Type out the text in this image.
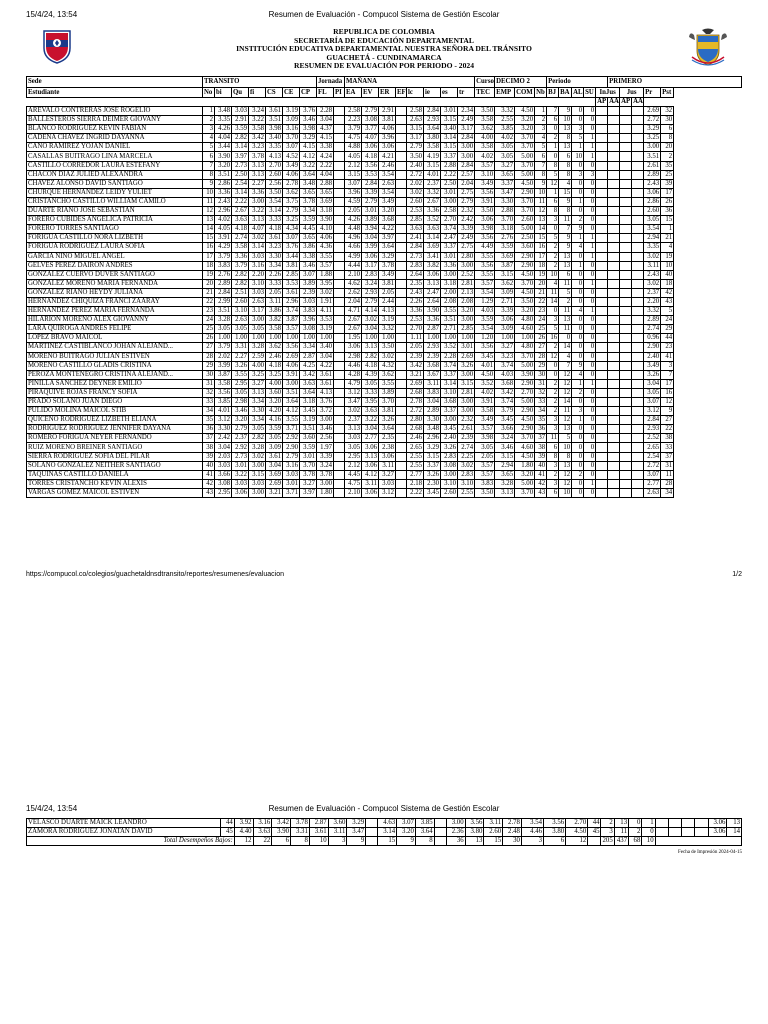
15/4/24, 13:54	Resumen de Evaluación - Compucol Sistema de Gestión Escolar
REPUBLICA DE COLOMBIA
SECRETARÍA DE EDUCACIÓN DEPARTAMENTAL
INSTITUCIÓN EDUCATIVA DEPARTAMENTAL NUESTRA SEÑORA DEL TRÁNSITO
GUACHETÁ - CUNDINAMARCA
RESUMEN DE EVALUACIÓN POR PERIODO - 2024
Sede	TRANSITO							Jornada		MAÑANA								Curso	DECIMO 2			Periodo					PRIMERO				
Estudiante	No	bi	Qu	fi	CS	CE	CP	FL	PI	EA	EV	ER	EF	lc	ie	es	tr	TEC	EMP	COM	Nb	BJ	BA	AL	SU	InJus		Jus		Pr	Pst
																										AP	AA	AP	AA		
AREVALO CONTRERAS JOSE ROGELIO	1	3.48	3.03	3.24	3.61	3.19	3.76	2.28		2.58	2.79	2.91		2.58	2.84	3.01	2.34	3.50	3.32	4.50	1	7	9	0	0					2.69	32
BALLESTEROS SIERRA DEIMER GIOVANY	2	3.35	2.91	3.22	3.51	3.09	3.46	3.04		2.23	3.08	3.81		2.63	2.93	3.15	2.49	3.58	2.55	3.20	2	6	10	0	0					2.72	30
BLANCO RODRIGUEZ KEVIN FABIAN	3	4.26	3.59	3.58	3.98	3.16	3.98	4.37		3.79	3.77	4.06		3.15	3.64	3.40	3.17	3.62	3.85	3.20	3	0	13	3	0					3.29	6
CADENA CHAVEZ INGRID DAYANNA	4	4.04	2.82	3.42	3.40	3.70	3.29	4.15		4.75	4.07	3.96		3.17	3.80	3.14	2.84	4.00	4.02	3.70	4	2	8	5	1					3.25	8
CANO RAMIREZ YOJAN DANIEL	5	3.44	3.14	3.23	3.35	3.07	4.15	3.38		4.88	3.06	3.06		2.79	3.58	3.15	3.00	3.58	3.05	3.70	5	1	13	1	1					3.00	20
CASALLAS BUITRAGO LINA MARCELA	6	3.90	3.97	3.78	4.13	4.52	4.12	4.24		4.05	4.18	4.21		3.50	4.19	3.37	3.00	4.02	3.05	5.00	6	0	6	10	1					3.51	2
CASTILLO CORREDOR LAURA ESTEFANY	7	3.20	2.73	3.13	2.70	3.49	3.22	2.22		2.12	3.56	2.46		2.40	3.15	2.88	2.84	3.57	3.27	3.70	7	8	8	0	0					2.61	35
CHACON DIAZ JULIED ALEXANDRA	8	3.51	2.50	3.13	2.60	4.06	3.64	4.04		3.15	3.53	3.54		2.72	4.01	2.22	2.57	3.10	3.65	5.00	8	5	8	3	3					2.89	25
CHAVEZ ALONSO DAVID SANTIAGO	9	2.86	2.54	2.27	2.56	2.78	3.48	2.88		3.07	2.84	2.63		2.02	2.37	2.50	2.04	3.49	3.37	4.50	9	12	4	0	0					2.43	39
CHURQUE HERNANDEZ LEIDY YULIET	10	3.36	3.14	3.36	3.50	3.62	3.65	3.65		3.96	3.39	3.54		3.02	3.32	3.01	2.75	3.56	3.47	2.90	10	1	15	0	0					3.06	17
CRISTANCHO CASTILLO WILLIAM CAMILO	11	2.43	2.22	3.00	3.54	3.75	3.78	3.69		4.59	2.79	3.49		2.60	2.67	3.00	2.79	3.91	3.30	3.70	11	6	9	1	0					2.86	26
DUARTE RIAÑO JOSE SEBASTIAN	12	2.96	2.67	3.22	3.14	2.79	3.34	3.18		2.05	3.01	3.20		2.53	3.36	2.58	2.32	3.50	2.88	3.70	12	8	8	0	0					2.60	36
FORERO CUBIDES ANGELICA PATRICIA	13	4.02	3.63	3.13	3.33	3.25	3.59	3.90		4.26	3.89	3.68		2.85	3.52	2.70	2.42	3.06	3.70	2.60	13	3	11	2	0					3.05	15
FORERO TORRES SANTIAGO	14	4.05	4.18	4.07	4.18	4.34	4.45	4.10		4.48	3.94	4.22		3.63	3.63	3.74	3.39	3.98	3.18	5.00	14	0	7	9	0					3.54	1
FORIGUA CASTILLO NORA LIZBETH	15	3.91	2.74	3.02	3.61	3.07	3.65	4.06		4.96	3.04	3.97		2.41	3.14	2.47	2.49	3.56	2.76	2.50	15	5	9	1	1					2.94	21
FORIGUA RODRIGUEZ LAURA SOFIA	16	4.29	3.58	3.14	3.23	3.76	3.86	4.36		4.66	3.99	3.64		2.84	3.69	3.37	2.75	4.49	3.59	3.60	16	2	9	4	1					3.35	4
GARCIA NIÑO MIGUEL ANGEL	17	3.79	3.36	3.03	3.30	3.44	3.38	3.55		4.99	3.06	3.29		2.73	3.41	3.01	2.80	3.55	3.69	2.90	17	2	13	0	1					3.02	19
GELVES PEREZ DAIRON ANDRES	18	3.83	3.79	3.16	3.34	3.81	3.46	3.57		4.44	3.17	3.78		2.83	3.82	3.36	3.00	3.56	3.87	2.90	18	2	13	1	0					3.11	10
GONZALEZ CUERVO DUVER SANTIAGO	19	2.76	2.82	2.20	2.26	2.85	3.07	1.88		2.10	2.83	3.49		2.64	3.06	3.00	2.52	3.55	3.15	4.50	19	10	6	0	0					2.43	40
GONZALEZ MORENO MARIA FERNANDA	20	2.89	2.82	3.10	3.33	3.53	3.89	3.95		4.62	3.24	3.81		2.35	3.13	3.18	2.81	3.57	3.62	3.70	20	4	11	0	1					3.02	18
GONZALEZ RIAÑO HEYDY JULIANA	21	2.84	2.51	3.03	2.05	3.61	2.39	3.02		2.62	2.93	2.05		2.43	2.47	2.00	2.13	3.54	3.09	4.50	21	11	5	0	0					2.37	42
HERNANDEZ CHIQUIZA FRANCI ZAARAY	22	2.99	2.60	2.63	3.11	2.96	3.03	1.91		2.04	2.79	2.44		2.26	2.64	2.08	2.08	1.29	2.71	3.50	22	14	2	0	0					2.20	43
HERNANDEZ PEREZ MARIA FERNANDA	23	3.51	3.10	3.17	3.86	3.74	3.83	4.11		4.71	4.14	4.13		3.36	3.90	3.55	3.20	4.03	3.39	3.20	23	0	11	4	1					3.32	5
HILARION MORENO ALEX GIOVANNY	24	3.28	2.63	3.00	3.82	3.87	3.96	3.53		2.67	3.02	3.19		2.53	3.36	3.51	3.00	3.59	3.06	4.80	24	3	13	0	0					2.89	24
LARA QUIROGA ANDRES FELIPE	25	3.05	3.05	3.05	3.58	3.57	3.08	3.19		2.67	3.04	3.32		2.70	2.87	2.71	2.85	3.54	3.09	4.60	25	5	11	0	0					2.74	29
LOPEZ BRAVO MAICOL	26	1.00	1.00	1.00	1.00	1.00	1.00	1.00		1.95	1.00	1.00		1.11	1.00	1.00	1.00	1.20	1.00	1.00	26	16	0	0	0					0.96	44
MARTINEZ CASTIBLANCO JOHAN ALEJAND...	27	3.79	3.31	3.28	3.62	3.56	3.34	3.40		3.06	3.13	3.50		2.05	2.93	3.52	3.01	3.56	3.27	4.80	27	2	14	0	0					2.90	23
MORENO BUITRAGO JULIAN ESTIVEN	28	2.02	2.27	2.59	2.46	2.69	2.87	3.04		2.98	2.82	3.02		2.39	2.39	2.28	2.69	3.45	3.23	3.70	28	12	4	0	0					2.40	41
MORENO CASTILLO GLADIS CRISTINA	29	3.99	3.26	4.00	4.18	4.06	4.25	4.22		4.46	4.18	4.32		3.42	3.68	3.74	3.26	4.01	3.74	5.00	29	0	7	9	0					3.49	3
PEROZA MONTENEGRO CRISTINA ALEJAND...	30	3.87	3.55	3.25	3.25	3.91	3.42	3.61		4.28	4.39	3.62		3.21	3.67	3.37	3.00	4.50	4.03	3.90	30	0	12	4	0					3.26	7
PINILLA SANCHEZ DEYNER EMILIO	31	3.58	2.95	3.27	4.00	3.00	3.63	3.61		4.79	3.05	3.55		2.69	3.11	3.14	3.15	3.52	3.68	2.90	31	2	12	1	1					3.04	17
PIRAQUIVE ROJAS FRANCY SOFIA	32	3.56	3.05	3.13	3.60	3.51	3.64	4.13		3.12	3.33	3.89		2.68	3.83	3.10	2.81	4.02	3.42	2.70	32	2	12	2	0					3.05	16
PRADO SOLANO JUAN DIEGO	33	3.85	2.98	3.34	3.20	3.64	3.18	3.76		3.47	3.95	3.70		2.78	3.04	3.68	3.00	3.91	3.74	5.00	33	2	14	0	0					3.07	12
PULIDO MOLINA MAICOL STIB	34	4.01	3.46	3.30	4.20	4.12	3.45	3.72		3.02	3.63	3.81		2.72	2.89	3.37	3.00	3.58	3.79	2.90	34	2	11	3	0					3.12	9
QUICENO RODRIGUEZ LIZBETH ELIANA	35	3.12	3.20	3.34	4.16	3.55	3.19	3.00		2.37	3.22	3.26		2.80	3.30	3.00	2.32	3.49	3.45	4.50	35	3	12	1	0					2.84	27
RODRIGUEZ RODRIGUEZ JENNIFER DAYANA	36	3.30	2.79	3.05	3.59	3.71	3.51	3.46		3.13	3.04	3.64		2.68	3.48	3.45	2.61	3.57	3.66	2.90	36	3	13	0	0					2.93	22
ROMERO FORIGUA NEYER FERNANDO	37	2.42	2.37	2.82	3.05	2.92	3.60	2.56		3.03	2.77	2.35		2.46	2.96	2.40	2.39	3.98	3.24	3.70	37	11	5	0	0					2.52	38
RUIZ MORENO BREINER SANTIAGO	38	3.04	2.92	3.28	3.09	2.90	3.59	1.97		3.05	3.06	2.38		2.65	3.29	3.26	2.74	3.05	3.46	4.60	38	6	10	0	0					2.65	33
SIERRA RODRIGUEZ SOFIA DEL PILAR	39	2.03	2.73	3.02	3.61	2.79	3.01	3.39		2.95	3.13	3.06		2.55	3.15	2.83	2.25	2.05	3.15	4.50	39	8	8	0	0					2.54	37
SOLANO GONZALEZ NEITHER SANTIAGO	40	3.03	3.01	3.00	3.04	3.16	3.70	3.24		2.12	3.06	3.11		2.55	3.37	3.08	3.02	3.57	2.94	1.80	40	3	13	0	0					2.72	31
TAQUINAS CASTILLO DANIELA	41	3.66	3.22	3.15	3.69	3.03	3.78	3.78		4.45	4.12	3.27		2.77	3.26	3.00	2.83	3.57	3.65	3.20	41	2	12	2	0					3.07	11
TORRES CRISTANCHO KEVIN ALEXIS	42	3.08	3.03	3.03	2.69	3.01	3.27	3.00		4.75	3.11	3.03		2.18	2.30	3.10	3.10	3.83	3.28	5.00	42	3	12	0	1					2.77	28
VARGAS GOMEZ MAICOL ESTIVEN	43	2.95	3.06	3.00	3.21	3.71	3.97	1.80		2.10	3.06	3.12		2.22	3.45	2.60	2.55	3.50	3.13	3.70	43	6	10	0	0					2.63	34
https://compucol.co/colegios/guachetaldnsdtransito/reportes/resumenes/evaluacion	1/2
15/4/24, 13:54	Resumen de Evaluación - Compucol Sistema de Gestión Escolar
VELASCO DUARTE MAICK LEANDRO	44	3.92	3.16	3.42	3.78	2.87	3.60	3.29		4.63	3.07	3.85		3.00	3.56	3.11	2.78	3.54	3.56	2.70	44	2	13	0	1					3.06	13
ZAMORA RODRIGUEZ JONATAN DAVID	45	4.40	3.63	3.90	3.31	3.61	3.11	3.47		3.14	3.20	3.64		2.36	3.80	2.60	2.48	4.46	3.80	4.50	45	3	11	2	0					3.06	14
Total Desempeños Bajos:		12	22	6	8	10	3	9		15	9	8		36	13	15	30	3	6	12		205	437	68	10						
Fecha de Impresión 2024-04-15
